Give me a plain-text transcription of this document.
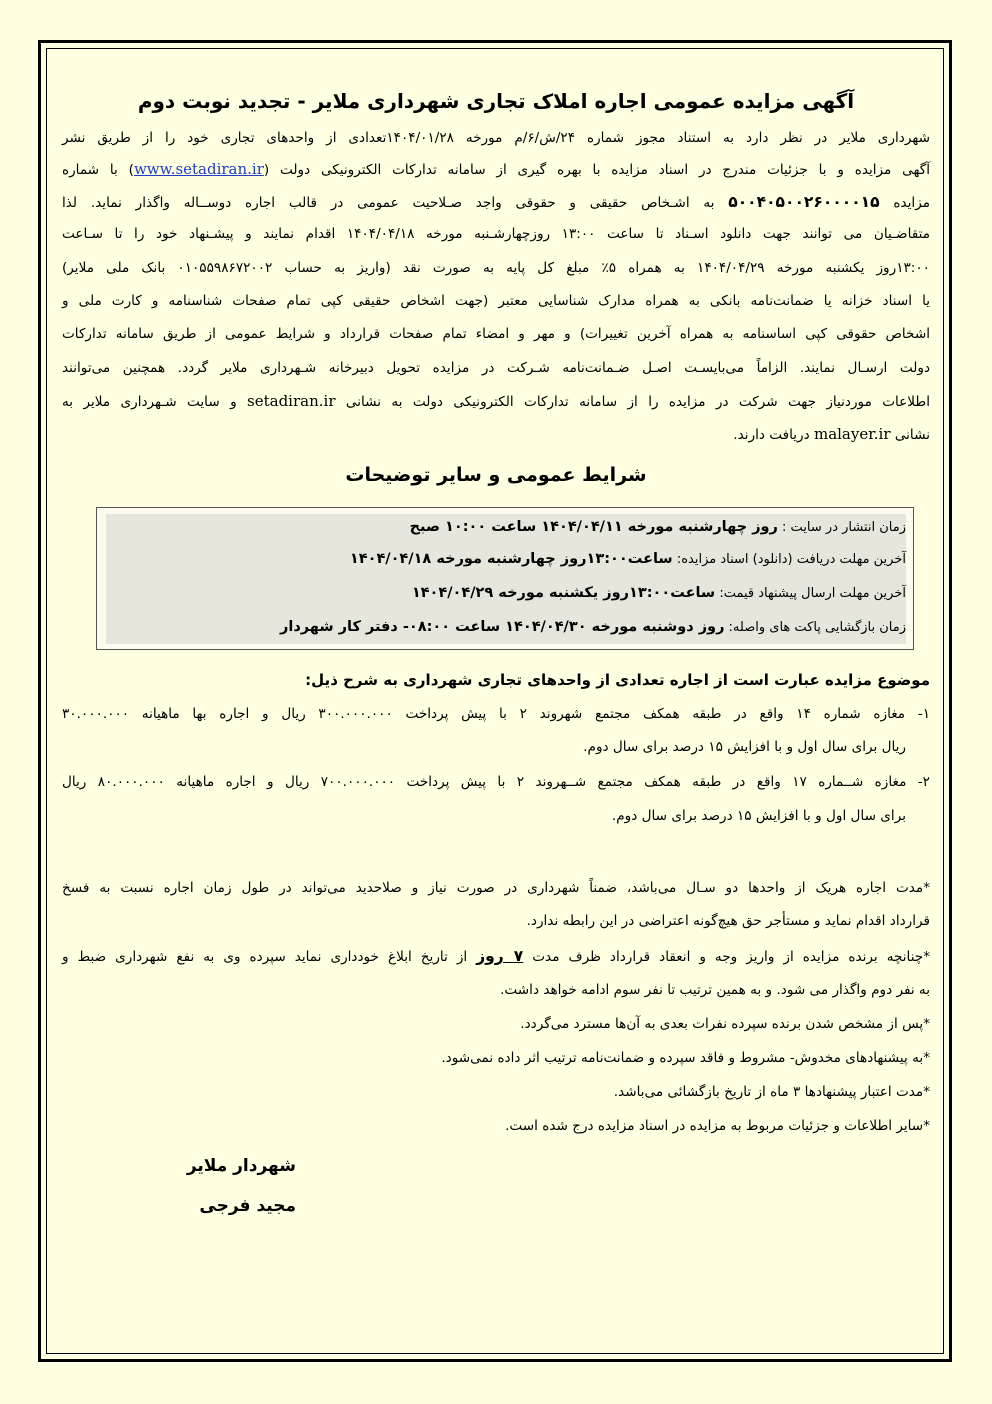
آگهی مزایده عمومی اجاره املاک تجاری شهرداری ملایر - تجدید نوبت دوم
شهرداری ملایر در نظر دارد به استناد مجوز شماره ۲۴/ش/۶/م مورخه ۱۴۰۴/۰۱/۲۸تعدادی از واحدهای تجاری خود را از طریق نشر
آگهی مزایده و با جزئیات مندرج در اسناد مزایده با بهره گیری از سامانه تدارکات الکترونیکی دولت (www.setadiran.ir) با شماره
مزایده ۵۰۰۴۰۵۰۰۲۶۰۰۰۰۱۵ به اشـخاص حقیقی و حقوقی واجد صـلاحیت عمومی در قالب اجاره دوســاله واگذار نماید. لذا
متقاضـیان می توانند جهت دانلود اسـناد تا ساعت ۱۳:۰۰ روزچهارشـنبه مورخه ۱۴۰۴/۰۴/۱۸ اقدام نمایند و پیشـنهاد خود را تا سـاعت
۱۳:۰۰روز یکشنبه مورخه ۱۴۰۴/۰۴/۲۹ به همراه ۵٪ مبلغ کل پایه به صورت نقد (واریز به حساب ۰۱۰۵۵۹۸۶۷۲۰۰۲ بانک ملی ملایر)
یا اسناد خزانه یا ضمانت‌نامه بانکی به همراه مدارک شناسایی معتبر (جهت اشخاص حقیقی کپی تمام صفحات شناسنامه و کارت ملی و
اشخاص حقوقی کپی اساسنامه به همراه آخرین تغییرات) و مهر و امضاء تمام صفحات قرارداد و شرایط عمومی از طریق سامانه تدارکات
دولت ارسـال نمایند. الزاماً می‌بایسـت اصـل ضـمانت‌نامه شـرکت در مزایده تحویل دبیرخانه شـهرداری ملایر گردد. همچنین می‌توانند
اطلاعات موردنیاز جهت شرکت در مزایده را از سامانه تدارکات الکترونیکی دولت به نشانی setadiran.ir و سایت شـهرداری ملایر به
نشانی malayer.ir دریافت دارند.
شرایط عمومی و سایر توضیحات
زمان انتشار در سایت : روز چهارشنبه مورخه ۱۴۰۴/۰۴/۱۱ ساعت ۱۰:۰۰ صبح
آخرین مهلت دریافت (دانلود) اسناد مزایده: ساعت۱۳:۰۰روز چهارشنبه مورخه ۱۴۰۴/۰۴/۱۸
آخرین مهلت ارسال پیشنهاد قیمت: ساعت۱۳:۰۰روز یکشنبه مورخه ۱۴۰۴/۰۴/۲۹
زمان بازگشایی پاکت های واصله: روز دوشنبه مورخه ۱۴۰۴/۰۴/۳۰ ساعت ۰۸:۰۰- دفتر کار شهردار
موضوع مزایده عبارت است از اجاره تعدادی از واحدهای تجاری شهرداری به شرح ذیل:
۱- مغازه شماره ۱۴ واقع در طبقه همکف مجتمع شهروند ۲ با پیش پرداخت ۳۰۰.۰۰۰.۰۰۰ ریال و اجاره بها ماهیانه ۳۰.۰۰۰.۰۰۰
ریال برای سال اول و با افزایش ۱۵ درصد برای سال دوم.
۲- مغازه شــماره ۱۷ واقع در طبقه همکف مجتمع شــهروند ۲ با پیش پرداخت ۷۰۰.۰۰۰.۰۰۰ ریال و اجاره ماهیانه ۸۰.۰۰۰.۰۰۰ ریال
برای سال اول و با افزایش ۱۵ درصد برای سال دوم.
*مدت اجاره هریک از واحدها دو سـال می‌باشد، ضمناً شهرداری در صورت نیاز و صلاحدید می‌تواند در طول زمان اجاره نسبت به فسخ
قرارداد اقدام نماید و مستأجر حق هیچ‌گونه اعتراضی در این رابطه ندارد.
*چنانچه برنده مزایده از واریز وجه و انعقاد قرارداد ظرف مدت ۷ روز از تاریخ ابلاغ خودداری نماید سپرده وی به نفع شهرداری ضبط و
به نفر دوم واگذار می شود. و به همین ترتیب تا نفر سوم ادامه خواهد داشت.
*پس از مشخص شدن برنده سپرده نفرات بعدی به آن‌ها مسترد می‌گردد.
*به پیشنهادهای مخدوش- مشروط و فاقد سپرده و ضمانت‌نامه ترتیب اثر داده نمی‌شود.
*مدت اعتبار پیشنهادها ۳ ماه از تاریخ بازگشائی می‌باشد.
*سایر اطلاعات و جزئیات مربوط به مزایده در اسناد مزایده درج شده است.
شهردار ملایر
مجید فرجی
